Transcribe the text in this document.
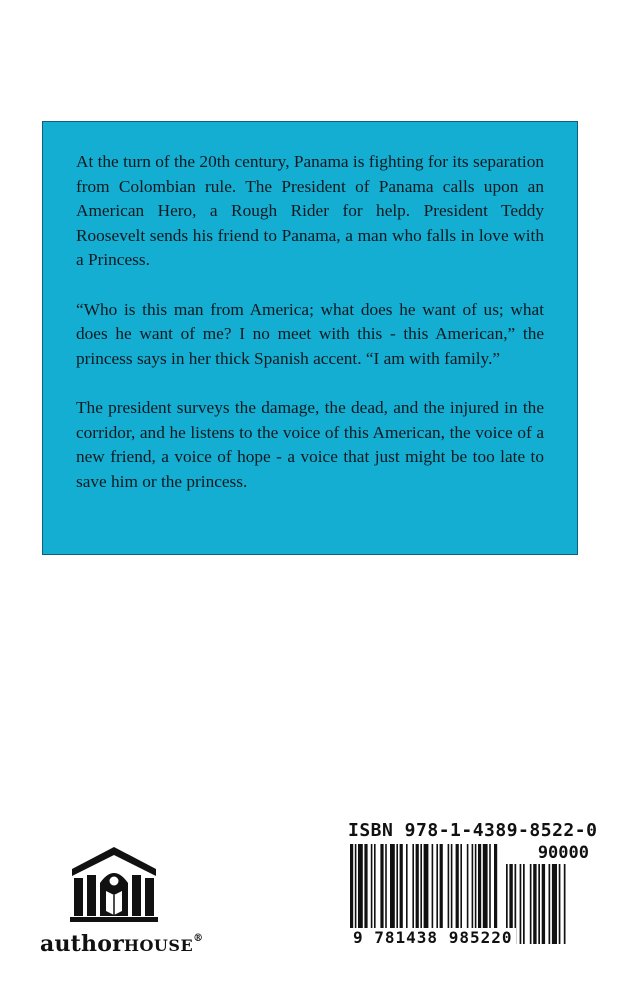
At the turn of the 20th century, Panama is fighting for its separation from Colombian rule. The President of Panama calls upon an American Hero, a Rough Rider for help. President Teddy Roosevelt sends his friend to Panama, a man who falls in love with a Princess.

“Who is this man from America; what does he want of us; what does he want of me? I no meet with this - this American,” the princess says in her thick Spanish accent. “I am with family.”

The president surveys the damage, the dead, and the injured in the corridor, and he listens to the voice of this American, the voice of a new friend, a voice of hope - a voice that just might be too late to save him or the princess.

authorHOUSE®
ISBN 978-1-4389-8522-0
90000
9 781438 985220
